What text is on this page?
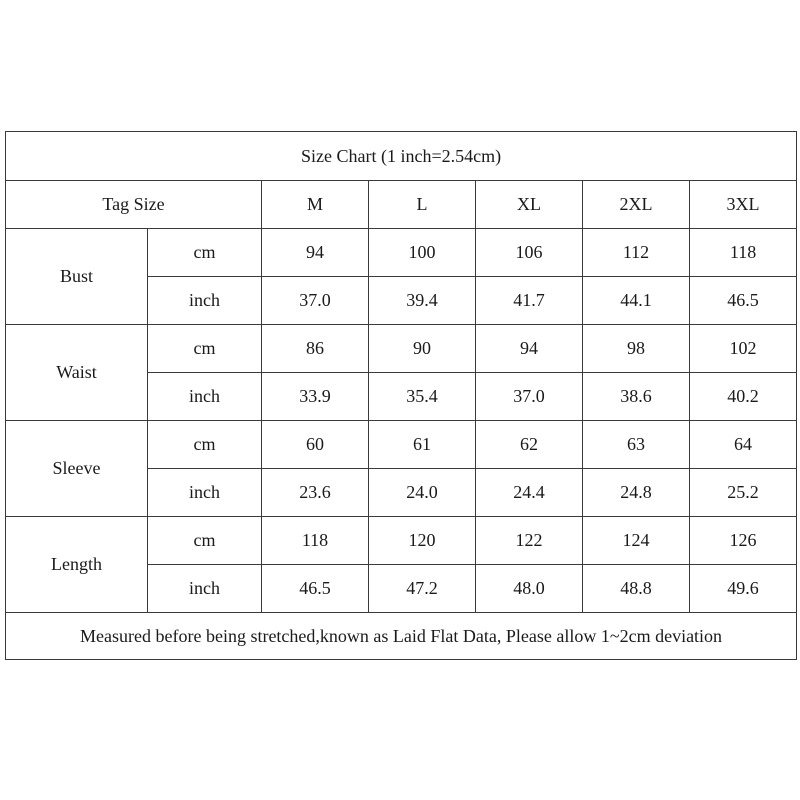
Size Chart (1 inch=2.54cm)						
Tag Size		M	L	XL	2XL	3XL
Bust	cm	94	100	106	112	118
	inch	37.0	39.4	41.7	44.1	46.5
Waist	cm	86	90	94	98	102
	inch	33.9	35.4	37.0	38.6	40.2
Sleeve	cm	60	61	62	63	64
	inch	23.6	24.0	24.4	24.8	25.2
Length	cm	118	120	122	124	126
	inch	46.5	47.2	48.0	48.8	49.6
Measured before being stretched,known as Laid Flat Data, Please allow 1~2cm deviation						
